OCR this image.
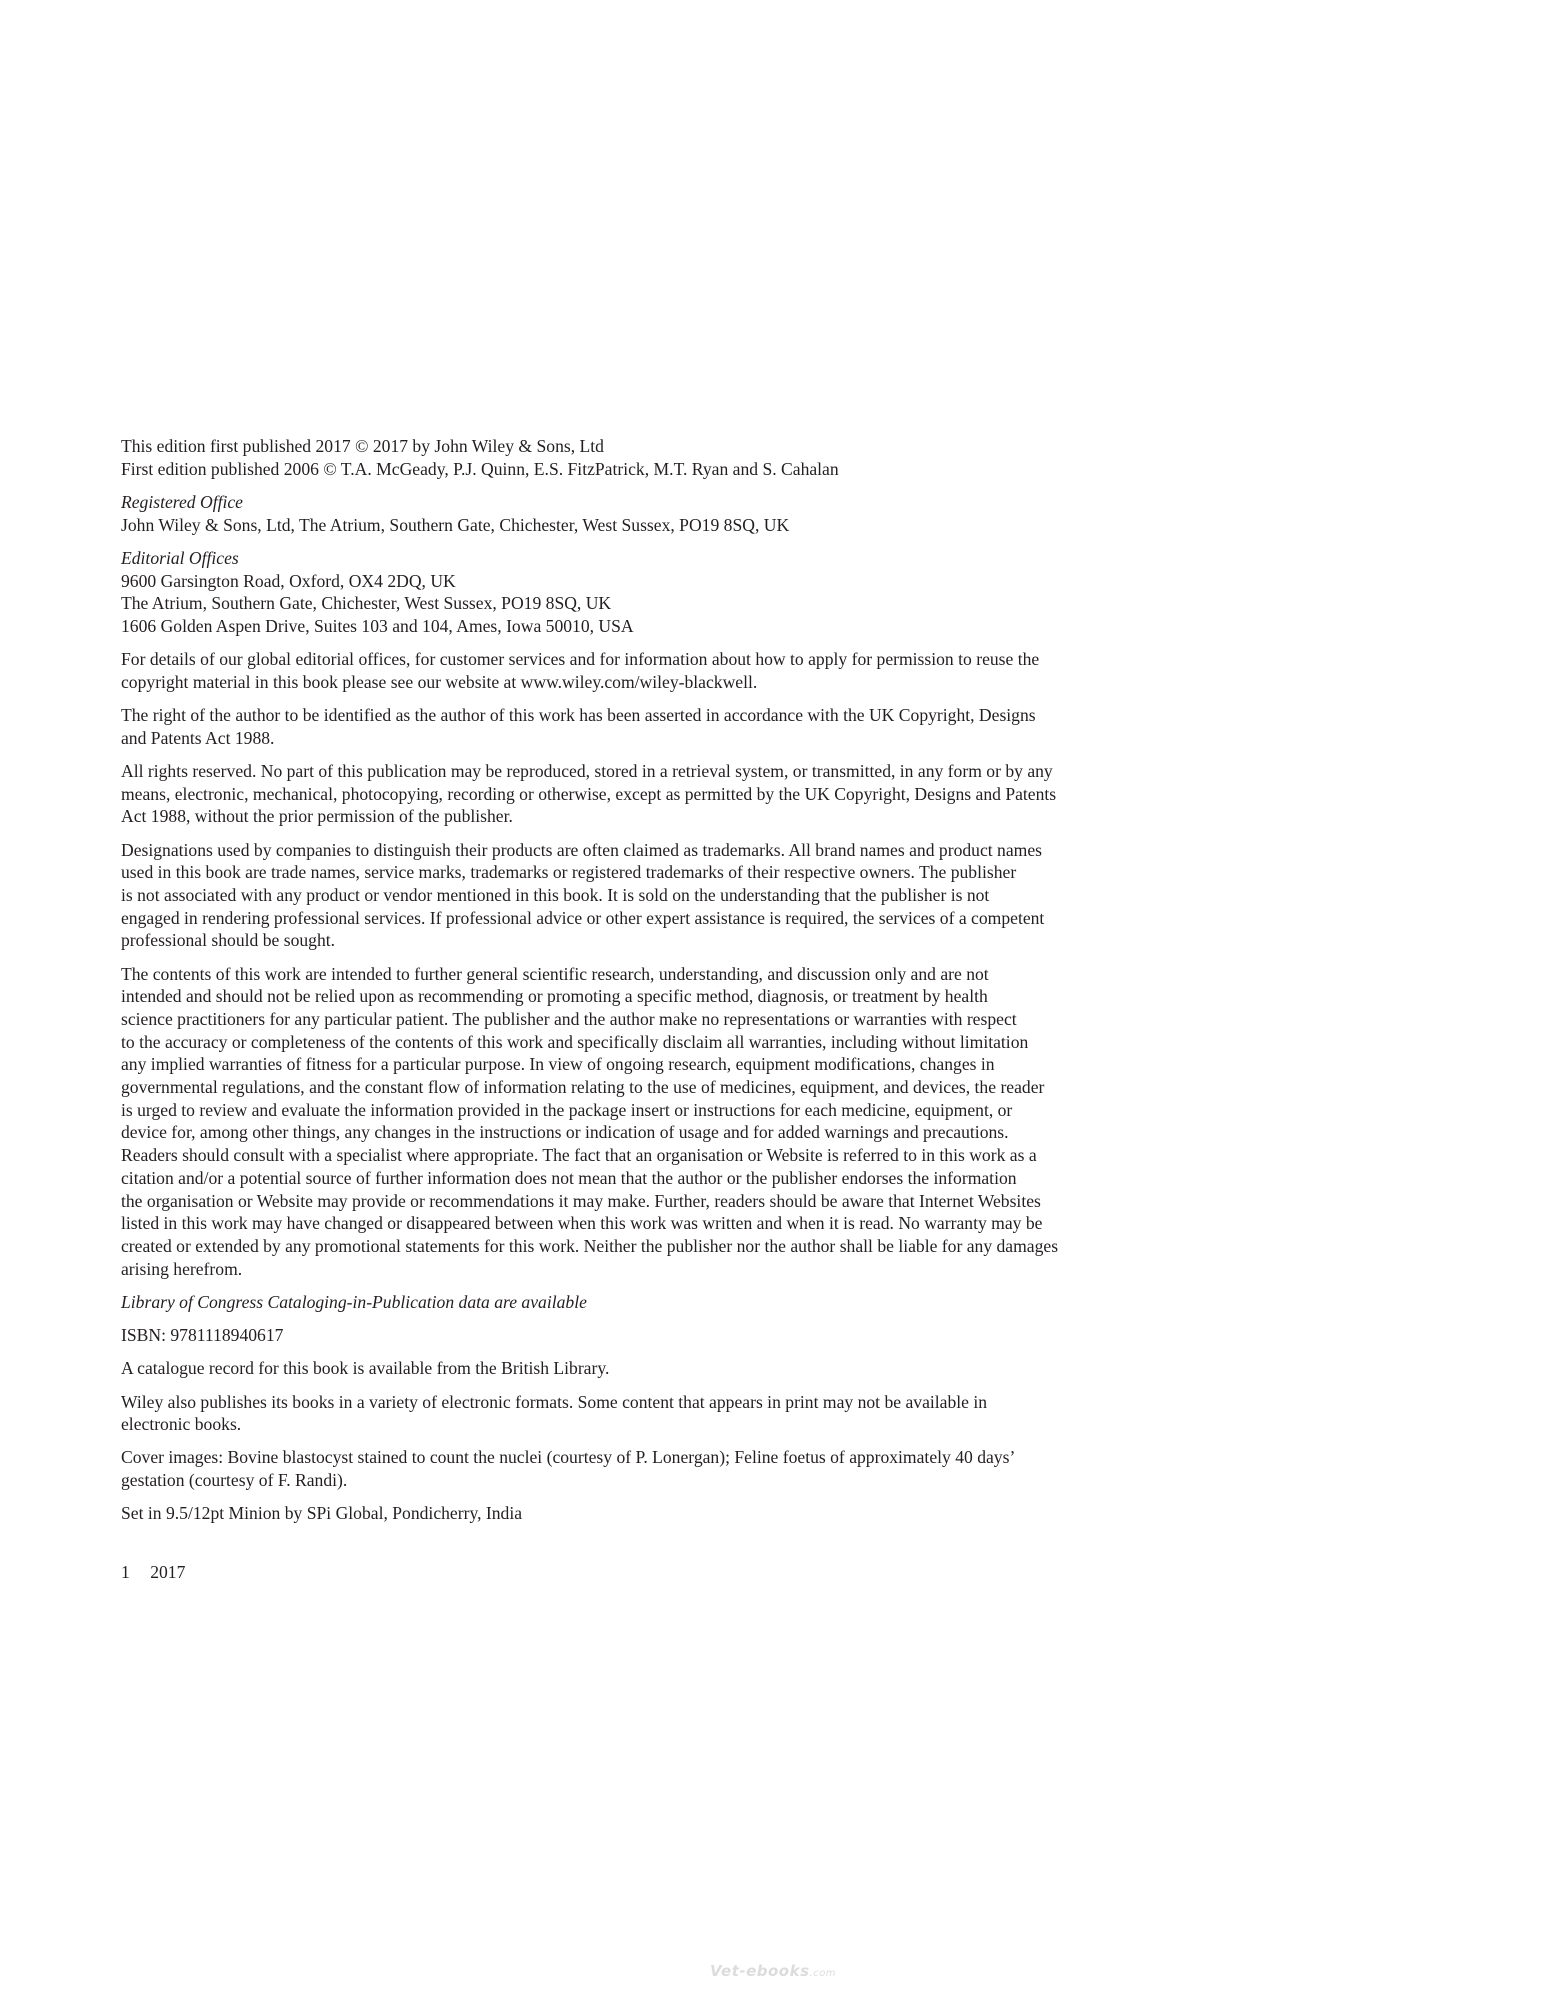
This edition first published 2017 © 2017 by John Wiley & Sons, Ltd
First edition published 2006 © T.A. McGeady, P.J. Quinn, E.S. FitzPatrick, M.T. Ryan and S. Cahalan
Registered Office
John Wiley & Sons, Ltd, The Atrium, Southern Gate, Chichester, West Sussex, PO19 8SQ, UK
Editorial Offices
9600 Garsington Road, Oxford, OX4 2DQ, UK
The Atrium, Southern Gate, Chichester, West Sussex, PO19 8SQ, UK
1606 Golden Aspen Drive, Suites 103 and 104, Ames, Iowa 50010, USA
For details of our global editorial offices, for customer services and for information about how to apply for permission to reuse the
copyright material in this book please see our website at www.wiley.com/wiley-blackwell.
The right of the author to be identified as the author of this work has been asserted in accordance with the UK Copyright, Designs
and Patents Act 1988.
All rights reserved. No part of this publication may be reproduced, stored in a retrieval system, or transmitted, in any form or by any
means, electronic, mechanical, photocopying, recording or otherwise, except as permitted by the UK Copyright, Designs and Patents
Act 1988, without the prior permission of the publisher.
Designations used by companies to distinguish their products are often claimed as trademarks. All brand names and product names
used in this book are trade names, service marks, trademarks or registered trademarks of their respective owners. The publisher
is not associated with any product or vendor mentioned in this book. It is sold on the understanding that the publisher is not
engaged in rendering professional services. If professional advice or other expert assistance is required, the services of a competent
professional should be sought.
The contents of this work are intended to further general scientific research, understanding, and discussion only and are not
intended and should not be relied upon as recommending or promoting a specific method, diagnosis, or treatment by health
science practitioners for any particular patient. The publisher and the author make no representations or warranties with respect
to the accuracy or completeness of the contents of this work and specifically disclaim all warranties, including without limitation
any implied warranties of fitness for a particular purpose. In view of ongoing research, equipment modifications, changes in
governmental regulations, and the constant flow of information relating to the use of medicines, equipment, and devices, the reader
is urged to review and evaluate the information provided in the package insert or instructions for each medicine, equipment, or
device for, among other things, any changes in the instructions or indication of usage and for added warnings and precautions.
Readers should consult with a specialist where appropriate. The fact that an organisation or Website is referred to in this work as a
citation and/or a potential source of further information does not mean that the author or the publisher endorses the information
the organisation or Website may provide or recommendations it may make. Further, readers should be aware that Internet Websites
listed in this work may have changed or disappeared between when this work was written and when it is read. No warranty may be
created or extended by any promotional statements for this work. Neither the publisher nor the author shall be liable for any damages
arising herefrom.
Library of Congress Cataloging-in-Publication data are available
ISBN: 9781118940617
A catalogue record for this book is available from the British Library.
Wiley also publishes its books in a variety of electronic formats. Some content that appears in print may not be available in
electronic books.
Cover images: Bovine blastocyst stained to count the nuclei (courtesy of P. Lonergan); Feline foetus of approximately 40 days’
gestation (courtesy of F. Randi).
Set in 9.5/12pt Minion by SPi Global, Pondicherry, India
1 2017
Vet-ebooks.com
